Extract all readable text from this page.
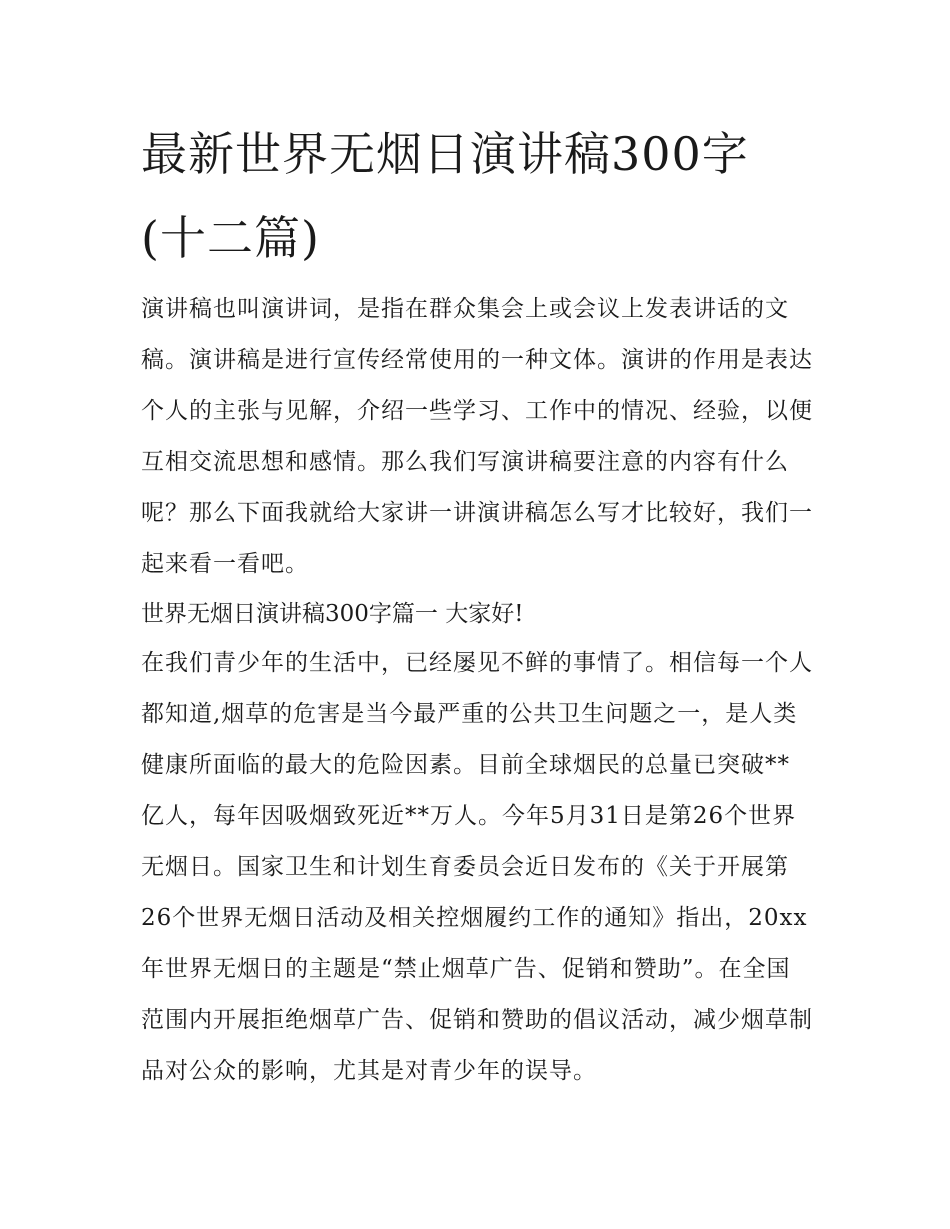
最新世界无烟日演讲稿300字(十二篇)

演讲稿也叫演讲词，是指在群众集会上或会议上发表讲话的文稿。演讲稿是进行宣传经常使用的一种文体。演讲的作用是表达个人的主张与见解，介绍一些学习、工作中的情况、经验，以便互相交流思想和感情。那么我们写演讲稿要注意的内容有什么呢？那么下面我就给大家讲一讲演讲稿怎么写才比较好，我们一起来看一看吧。

世界无烟日演讲稿300字篇一 大家好!

在我们青少年的生活中，已经屡见不鲜的事情了。相信每一个人都知道,烟草的危害是当今最严重的公共卫生问题之一，是人类健康所面临的最大的危险因素。目前全球烟民的总量已突破**亿人，每年因吸烟致死近**万人。今年5月31日是第26个世界无烟日。国家卫生和计划生育委员会近日发布的《关于开展第26个世界无烟日活动及相关控烟履约工作的通知》指出，20xx年世界无烟日的主题是“禁止烟草广告、促销和赞助”。在全国范围内开展拒绝烟草广告、促销和赞助的倡议活动，减少烟草制品对公众的影响，尤其是对青少年的误导。
